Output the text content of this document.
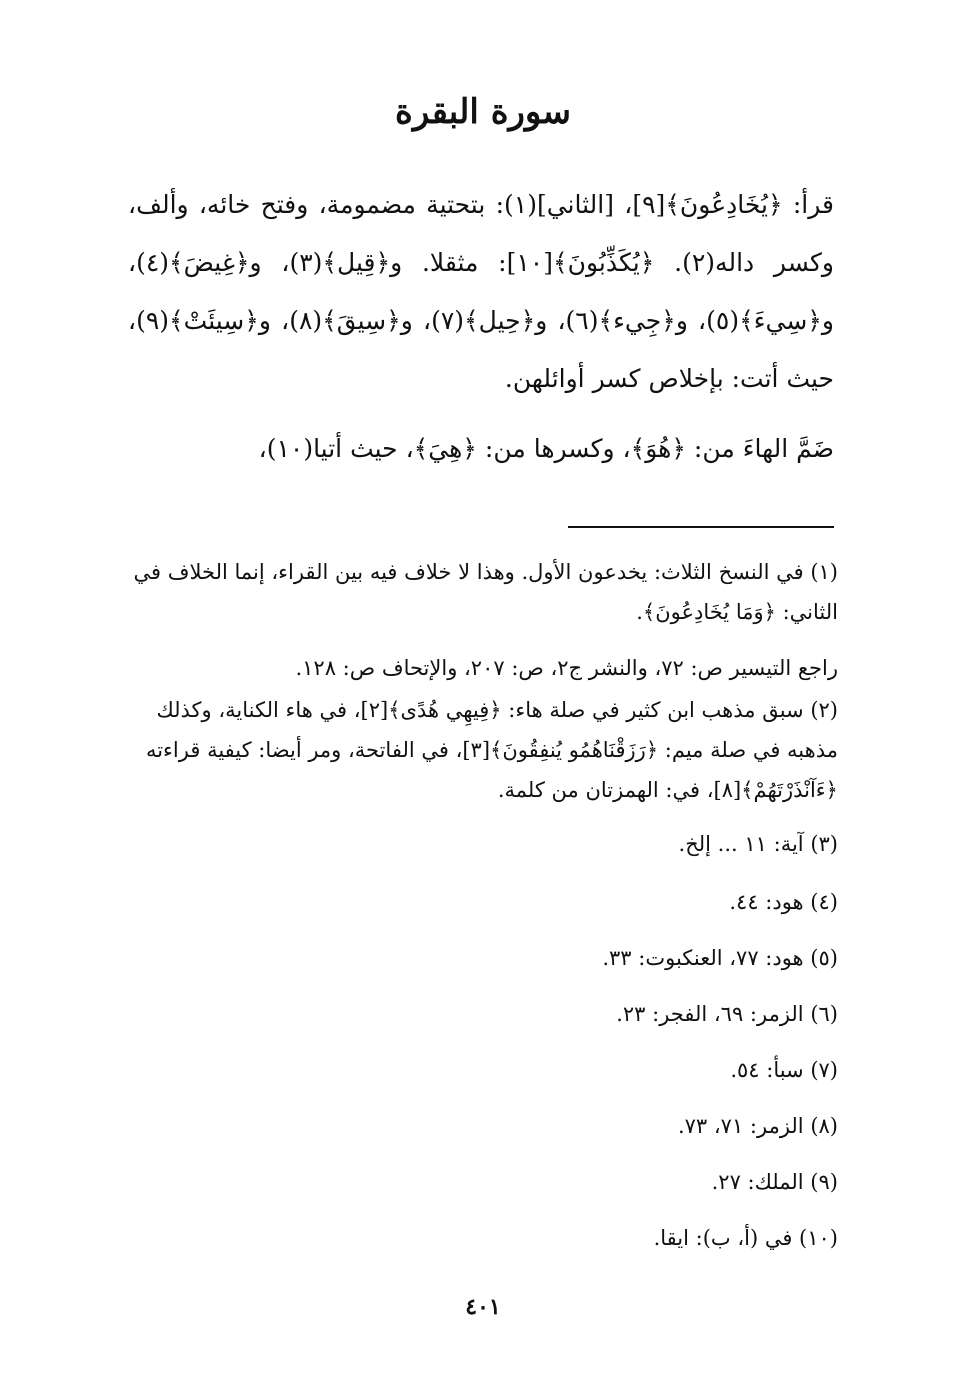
سورة البقرة

قرأ: ﴿يُخَادِعُونَ﴾[٩]، [الثاني](١): بتحتية مضمومة، وفتح خائه، وألف، وكسر داله(٢). ﴿يُكَذِّبُونَ﴾[١٠]: مثقلا. و﴿قِيل﴾(٣)، و﴿غِيضَ﴾(٤)، و﴿سِيءَ﴾(٥)، و﴿جِيء﴾(٦)، و﴿حِيل﴾(٧)، و﴿سِيقَ﴾(٨)، و﴿سِيئَتْ﴾(٩)، حيث أتت: بإخلاص كسر أوائلهن.

ضَمَّ الهاءَ من: ﴿هُوَ﴾، وكسرها من: ﴿هِيَ﴾، حيث أتيا(١٠)،

(١) في النسخ الثلاث: يخدعون الأول. وهذا لا خلاف فيه بين القراء، إنما الخلاف في الثاني: ﴿وَمَا يُخَادِعُونَ﴾.

راجع التيسير ص: ٧٢، والنشر ج٢، ص: ٢٠٧، والإتحاف ص: ١٢٨.

(٢) سبق مذهب ابن كثير في صلة هاء: ﴿فِيهِي هُدًى﴾[٢]، في هاء الكناية، وكذلك مذهبه في صلة ميم: ﴿رَزَقْنَاهُمُو يُنفِقُونَ﴾[٣]، في الفاتحة، ومر أيضا: كيفية قراءته ﴿ءَآنْذَرْتَهُمْ﴾[٨]، في: الهمزتان من كلمة.

(٣) آية: ١١ ... إلخ.

(٤) هود: ٤٤.

(٥) هود: ٧٧، العنكبوت: ٣٣.

(٦) الزمر: ٦٩، الفجر: ٢٣.

(٧) سبأ: ٥٤.

(٨) الزمر: ٧١، ٧٣.

(٩) الملك: ٢٧.

(١٠) في (أ، ب): ايقا.

٤٠١
